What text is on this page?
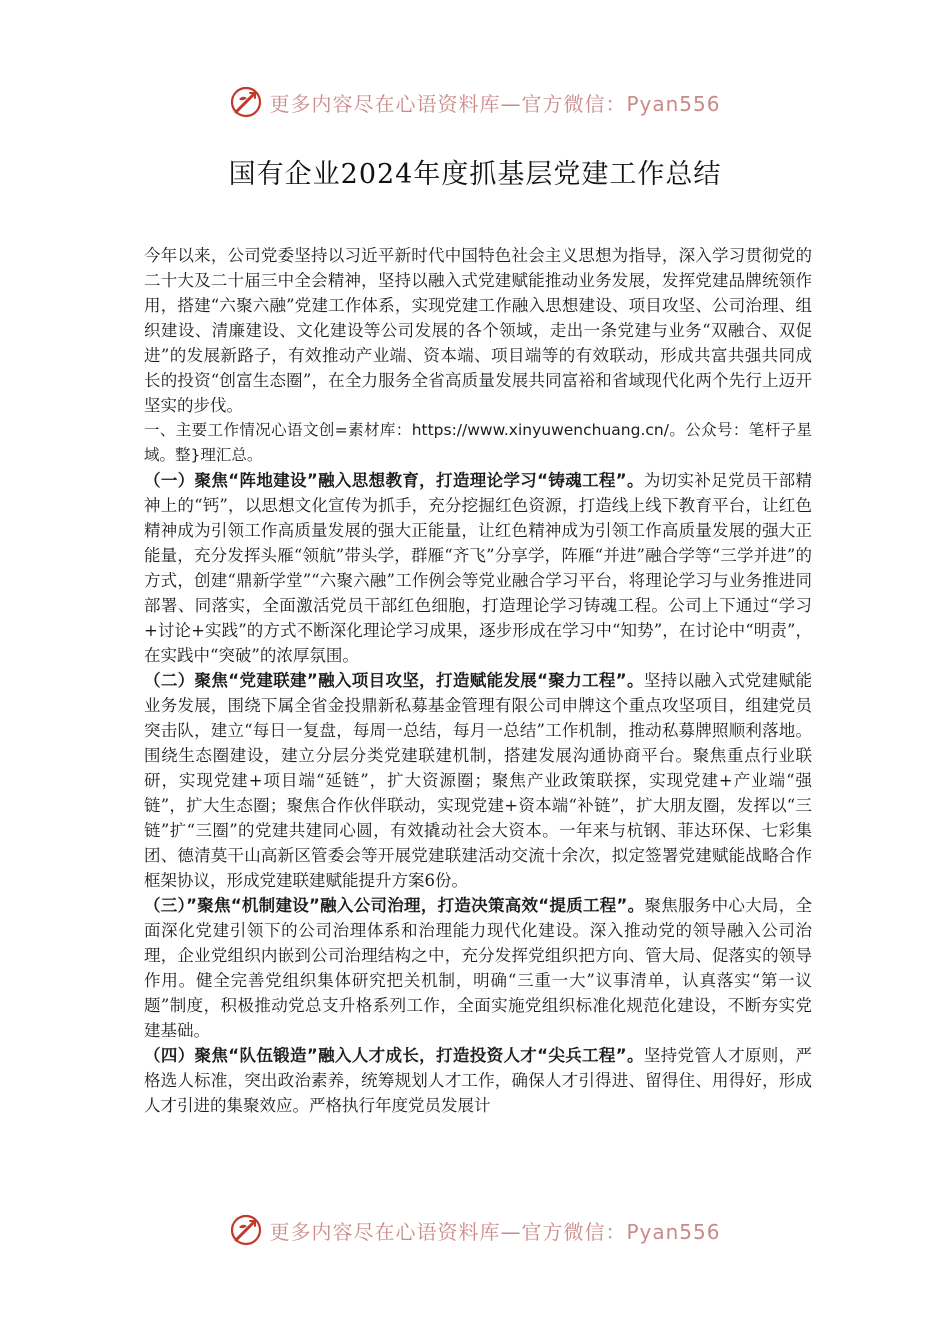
更多内容尽在心语资料库—官方微信：Pyan556
国有企业2024年度抓基层党建工作总结

今年以来，公司党委坚持以习近平新时代中国特色社会主义思想为指导，深入学习贯彻党的二十大及二十届三中全会精神，坚持以融入式党建赋能推动业务发展，发挥党建品牌统领作用，搭建“六聚六融”党建工作体系，实现党建工作融入思想建设、项目攻坚、公司治理、组织建设、清廉建设、文化建设等公司发展的各个领域，走出一条党建与业务“双融合、双促进”的发展新路子，有效推动产业端、资本端、项目端等的有效联动，形成共富共强共同成长的投资“创富生态圈”，在全力服务全省高质量发展共同富裕和省域现代化两个先行上迈开坚实的步伐。

一、主要工作情况心语文创=素材库：https://www.xinyuwenchuang.cn/。公众号：笔杆子星域。整}理汇总。

（一）聚焦“阵地建设”融入思想教育，打造理论学习“铸魂工程”。为切实补足党员干部精神上的“钙”，以思想文化宣传为抓手，充分挖掘红色资源，打造线上线下教育平台，让红色精神成为引领工作高质量发展的强大正能量，让红色精神成为引领工作高质量发展的强大正能量，充分发挥头雁“领航”带头学，群雁“齐飞”分享学，阵雁“并进”融合学等“三学并进”的方式，创建“鼎新学堂”“六聚六融”工作例会等党业融合学习平台，将理论学习与业务推进同部署、同落实，全面激活党员干部红色细胞，打造理论学习铸魂工程。公司上下通过“学习+讨论+实践”的方式不断深化理论学习成果，逐步形成在学习中“知势”，在讨论中“明责”，在实践中“突破”的浓厚氛围。

（二）聚焦“党建联建”融入项目攻坚，打造赋能发展“聚力工程”。坚持以融入式党建赋能业务发展，围绕下属全省金投鼎新私募基金管理有限公司申牌这个重点攻坚项目，组建党员突击队，建立“每日一复盘，每周一总结，每月一总结”工作机制，推动私募牌照顺利落地。围绕生态圈建设，建立分层分类党建联建机制，搭建发展沟通协商平台。聚焦重点行业联研，实现党建+项目端“延链”，扩大资源圈；聚焦产业政策联探，实现党建+产业端“强链”，扩大生态圈；聚焦合作伙伴联动，实现党建+资本端“补链”，扩大朋友圈，发挥以“三链”扩“三圈”的党建共建同心圆，有效撬动社会大资本。一年来与杭钢、菲达环保、七彩集团、德清莫干山高新区管委会等开展党建联建活动交流十余次，拟定签署党建赋能战略合作框架协议，形成党建联建赋能提升方案6份。

（三）”聚焦“机制建设”融入公司治理，打造决策高效“提质工程”。聚焦服务中心大局，全面深化党建引领下的公司治理体系和治理能力现代化建设。深入推动党的领导融入公司治理，企业党组织内嵌到公司治理结构之中，充分发挥党组织把方向、管大局、促落实的领导作用。健全完善党组织集体研究把关机制，明确“三重一大”议事清单，认真落实“第一议题”制度，积极推动党总支升格系列工作，全面实施党组织标准化规范化建设，不断夯实党建基础。

（四）聚焦“队伍锻造”融入人才成长，打造投资人才“尖兵工程”。坚持党管人才原则，严格选人标准，突出政治素养，统筹规划人才工作，确保人才引得进、留得住、用得好，形成人才引进的集聚效应。严格执行年度党员发展计

更多内容尽在心语资料库—官方微信：Pyan556
